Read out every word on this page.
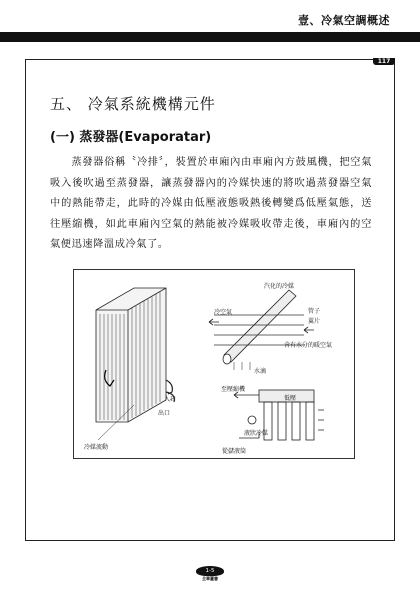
壹、冷氣空調概述
117
五、 冷氣系統機構元件
(一) 蒸發器(Evaporatar)
蒸發器俗稱〝冷排〞，裝置於車廂內由車廂內方鼓風機，把空氣吸入後吹過至蒸發器，讓蒸發器內的冷媒快速的將吹過蒸發器空氣中的熱能帶走，此時的冷媒由低壓液態吸熱後轉變爲低壓氣態，送往壓縮機，如此車廂內空氣的熱能被冷媒吸收帶走後，車廂內的空氣便迅速降溫成冷氣了。
入口
出口
冷媒流動
汽化的冷媒
冷空氣	管子
翼片
含有水分的暖空氣
水滴
至壓縮機
低壓
液狀冷媒
從儲液筒
1-5
全華圖書
